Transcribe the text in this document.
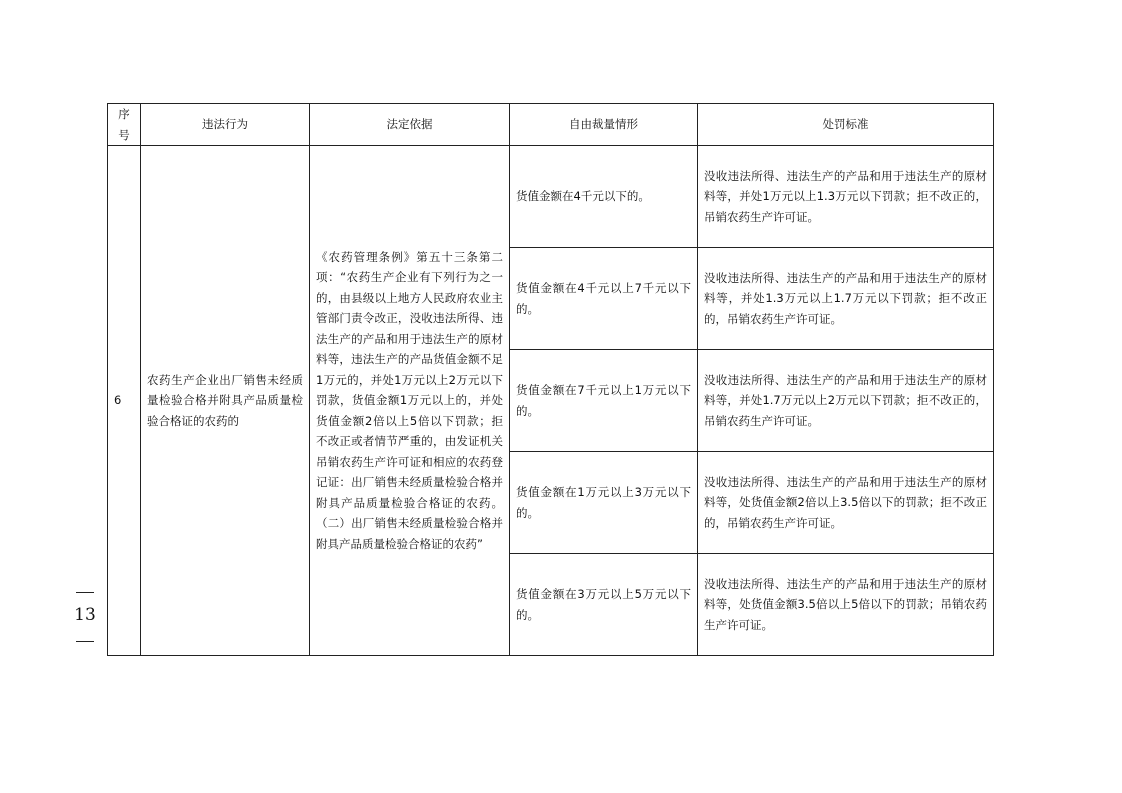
13
序号	违法行为	法定依据	自由裁量情形	处罚标准
6	农药生产企业出厂销售未经质量检验合格并附具产品质量检验合格证的农药的	《农药管理条例》第五十三条第二项：“农药生产企业有下列行为之一的，由县级以上地方人民政府农业主管部门责令改正，没收违法所得、违法生产的产品和用于违法生产的原材料等，违法生产的产品货值金额不足1万元的，并处1万元以上2万元以下罚款，货值金额1万元以上的，并处货值金额2倍以上5倍以下罚款；拒不改正或者情节严重的，由发证机关吊销农药生产许可证和相应的农药登记证：出厂销售未经质量检验合格并附具产品质量检验合格证的农药。（二）出厂销售未经质量检验合格并附具产品质量检验合格证的农药”	货值金额在4千元以下的。	没收违法所得、违法生产的产品和用于违法生产的原材料等，并处1万元以上1.3万元以下罚款；拒不改正的，吊销农药生产许可证。
			货值金额在4千元以上7千元以下的。	没收违法所得、违法生产的产品和用于违法生产的原材料等，并处1.3万元以上1.7万元以下罚款；拒不改正的，吊销农药生产许可证。
			货值金额在7千元以上1万元以下的。	没收违法所得、违法生产的产品和用于违法生产的原材料等，并处1.7万元以上2万元以下罚款；拒不改正的，吊销农药生产许可证。
			货值金额在1万元以上3万元以下的。	没收违法所得、违法生产的产品和用于违法生产的原材料等，处货值金额2倍以上3.5倍以下的罚款；拒不改正的，吊销农药生产许可证。
			货值金额在3万元以上5万元以下的。	没收违法所得、违法生产的产品和用于违法生产的原材料等，处货值金额3.5倍以上5倍以下的罚款；吊销农药生产许可证。
